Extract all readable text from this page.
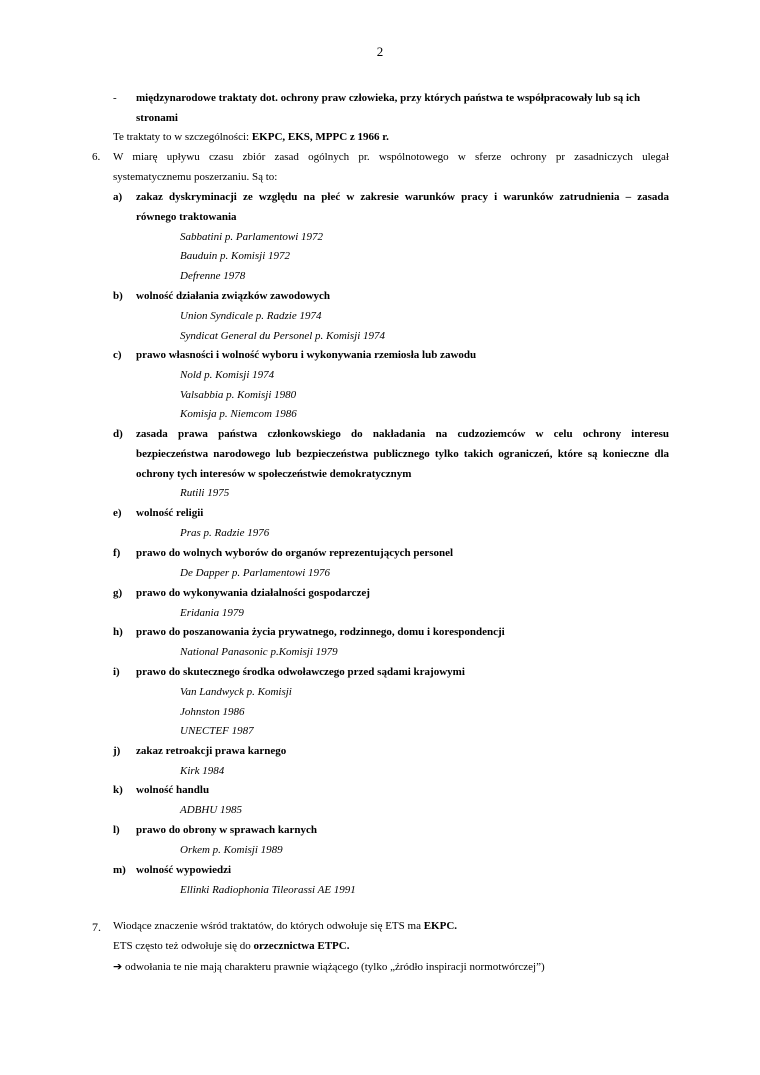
2
- międzynarodowe traktaty dot. ochrony praw człowieka, przy których państwa te współpracowały lub są ich
stronami
Te traktaty to w szczególności: EKPC, EKS, MPPC z 1966 r.
6. W miarę upływu czasu zbiór zasad ogólnych pr. wspólnotowego w sferze ochrony pr zasadniczych ulegał
systematycznemu poszerzaniu. Są to:
a) zakaz dyskryminacji ze względu na płeć w zakresie warunków pracy i warunków zatrudnienia – zasada
równego traktowania
Sabbatini p. Parlamentowi 1972
Bauduin p. Komisji 1972
Defrenne 1978
b) wolność działania związków zawodowych
Union Syndicale p. Radzie 1974
Syndicat General du Personel p. Komisji 1974
c) prawo własności i wolność wyboru i wykonywania rzemiosła lub zawodu
Nold p. Komisji 1974
Valsabbia p. Komisji 1980
Komisja p. Niemcom 1986
d) zasada prawa państwa członkowskiego do nakładania na cudzoziemców w celu ochrony interesu
bezpieczeństwa narodowego lub bezpieczeństwa publicznego tylko takich ograniczeń, które są konieczne dla
ochrony tych interesów w społeczeństwie demokratycznym
Rutili 1975
e) wolność religii
Pras p. Radzie 1976
f) prawo do wolnych wyborów do organów reprezentujących personel
De Dapper p. Parlamentowi 1976
g) prawo do wykonywania działalności gospodarczej
Eridania 1979
h) prawo do poszanowania życia prywatnego, rodzinnego, domu i korespondencji
National Panasonic p.Komisji 1979
i) prawo do skutecznego środka odwoławczego przed sądami krajowymi
Van Landwyck p. Komisji
Johnston 1986
UNECTEF 1987
j) zakaz retroakcji prawa karnego
Kirk 1984
k) wolność handlu
ADBHU 1985
l) prawo do obrony w sprawach karnych
Orkem p. Komisji 1989
m) wolność wypowiedzi
Ellinki Radiophonia Tileorassi AE 1991
7. Wiodące znaczenie wśród traktatów, do których odwołuje się ETS ma EKPC.
ETS często też odwołuje się do orzecznictwa ETPC.
➔ odwołania te nie mają charakteru prawnie wiążącego (tylko „źródło inspiracji normotwórczej”)
